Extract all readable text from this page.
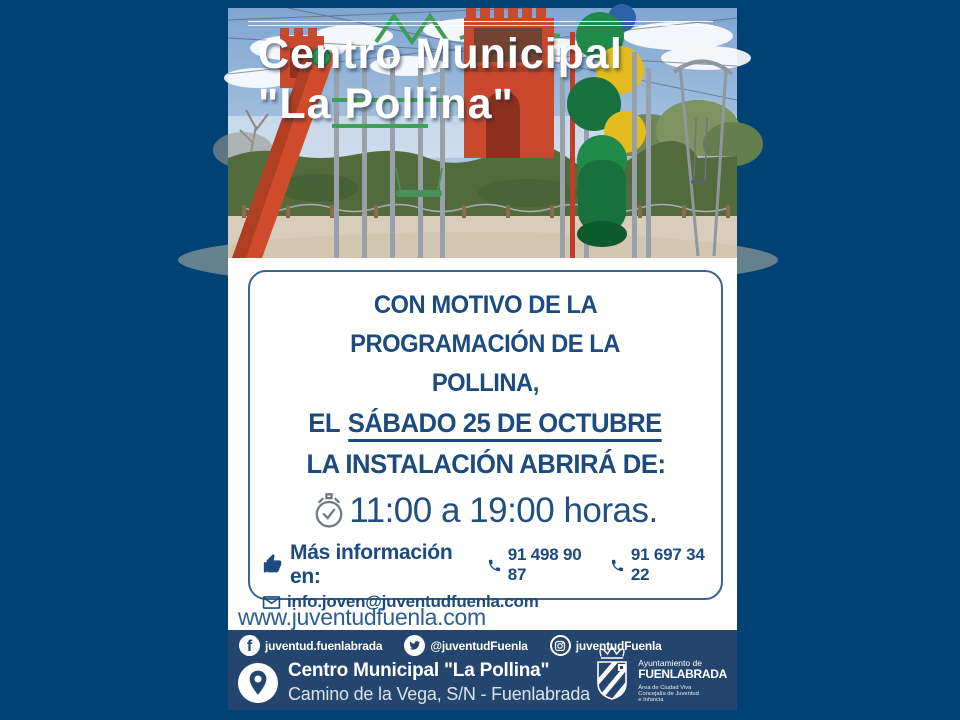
Centro Municipal
"La Pollina"
CON MOTIVO DE LA
PROGRAMACIÓN DE LA
POLLINA,
EL SÁBADO 25 DE OCTUBRE
LA INSTALACIÓN ABRIRÁ DE:
11:00 a 19:00 horas.
Más información en:
91 498 90 87
91 697 34 22
info.joven@juventudfuenla.com
www.juventudfuenla.com
f juventud.fuenlabrada	@juventudFuenla	juventudFuenla
Centro Municipal "La Pollina"
Camino de la Vega, S/N - Fuenlabrada
Ayuntamiento de
FUENLABRADA
Área de Ciudad Viva
Concejalía de Juventud
e Infancia
